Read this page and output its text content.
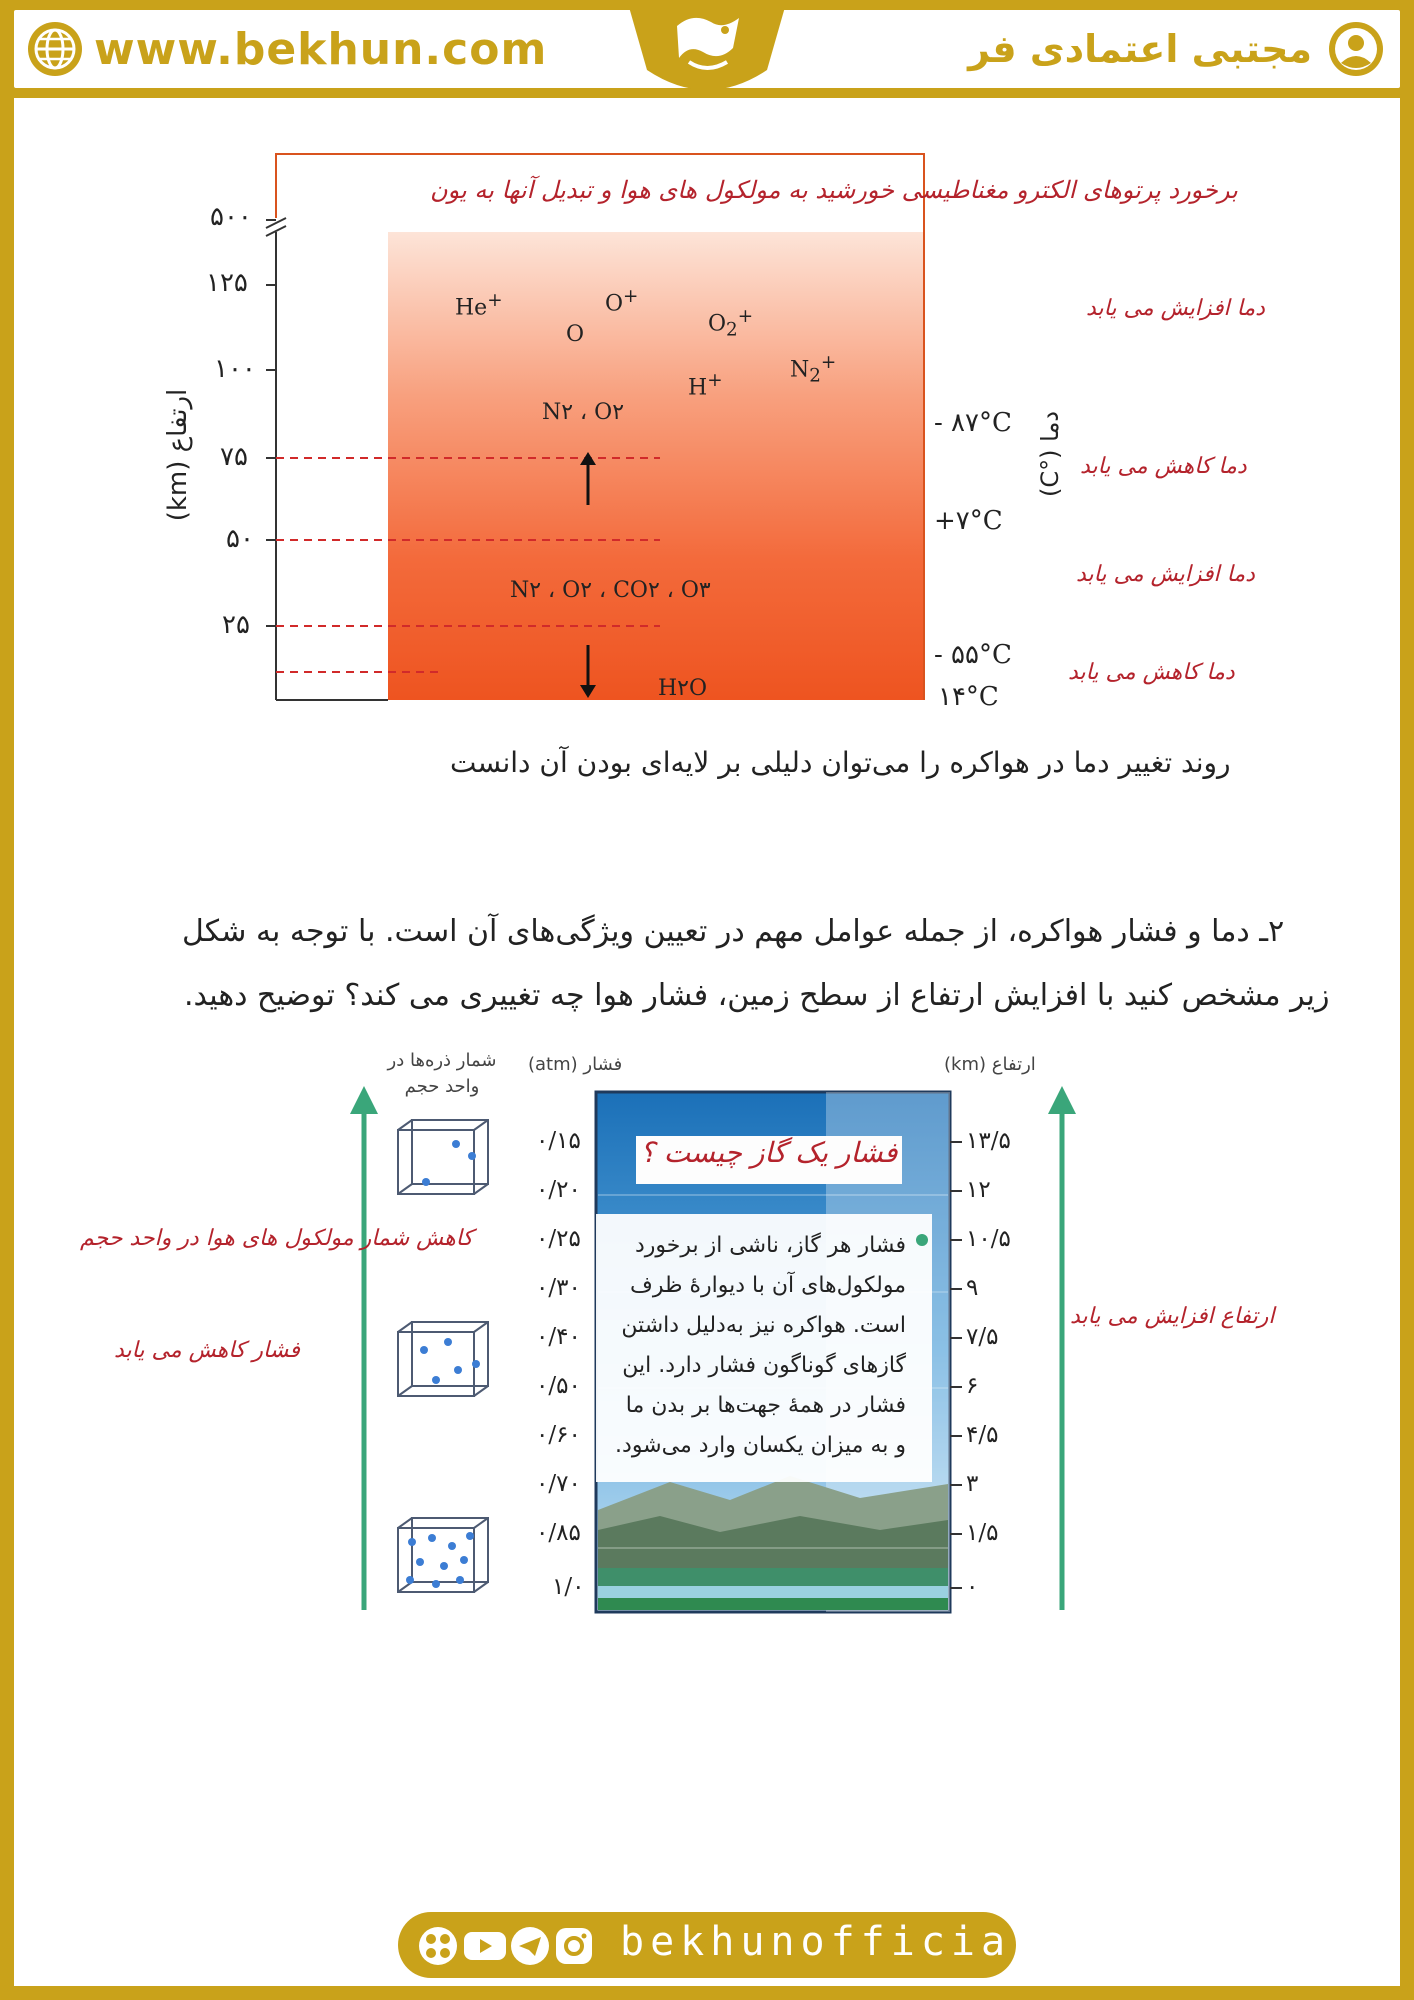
www.bekhun.com	مجتبی اعتمادی فر
برخورد پرتوهای الکترو مغناطیسی خورشید به مولکول های هوا و تبدیل آنها به یون
۵۰۰
۱۲۵
۱۰۰
۷۵
۵۰
۲۵
ارتفاع (km)
He+	O+
O	$O_2^+$
H+	$N_2^+$
N۲ ، O۲
N۲ ، O۲ ، CO۲ ، O۳
H۲O
دما (°C)
- ۸۷°C
+۷°C
- ۵۵°C
۱۴°C
دما افزایش می یابد
دما کاهش می یابد
دما افزایش می یابد
دما کاهش می یابد
روند تغییر دما در هواکره را می‌توان دلیلی بر لایه‌ای بودن آن دانست
۲ـ دما و فشار هواکره، از جمله عوامل مهم در تعیین ویژگی‌های آن است. با توجه به شکل
زیر مشخص کنید با افزایش ارتفاع از سطح زمین، فشار هوا چه تغییری می کند؟ توضیح دهید.
شمار ذره‌ها در
واحد حجم
فشار (atm)	ارتفاع (km)
فشار یک گاز چیست ؟
فشار هر گاز، ناشی از برخورد
مولکول‌های آن با دیوارهٔ ظرف
است. هواکره نیز به‌دلیل داشتن
گازهای گوناگون فشار دارد. این
فشار در همهٔ جهت‌ها بر بدن ما
و به میزان یکسان وارد می‌شود.
۰/۱۵
۰/۲۰
۰/۲۵
۰/۳۰
۰/۴۰
۰/۵۰
۰/۶۰
۰/۷۰
۰/۸۵
۱/۰
۱۳/۵
۱۲
۱۰/۵
۹
۷/۵
۶
۴/۵
۳
۱/۵
۰
کاهش شمار مولکول های هوا در واحد حجم
فشار کاهش می یابد
ارتفاع افزایش می یابد
bekhunofficial
